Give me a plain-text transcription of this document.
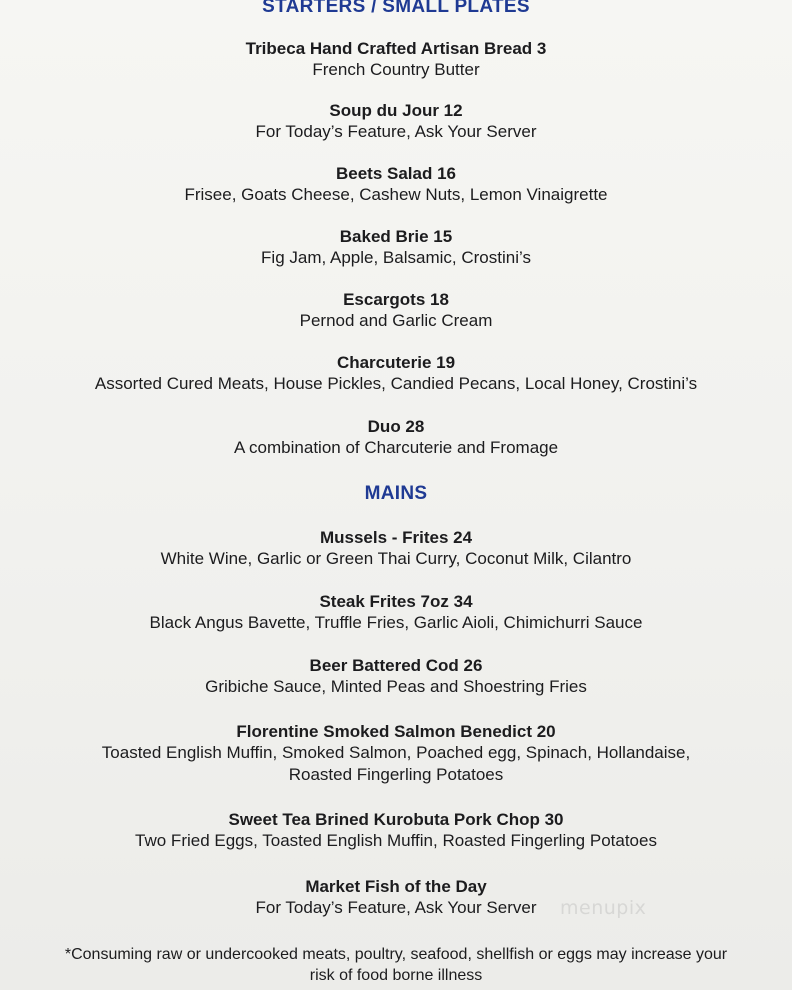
STARTERS / SMALL PLATES
Tribeca Hand Crafted Artisan Bread 3
French Country Butter
Soup du Jour 12
For Today’s Feature, Ask Your Server
Beets Salad 16
Frisee, Goats Cheese, Cashew Nuts, Lemon Vinaigrette
Baked Brie 15
Fig Jam, Apple, Balsamic, Crostini’s
Escargots 18
Pernod and Garlic Cream
Charcuterie 19
Assorted Cured Meats, House Pickles, Candied Pecans, Local Honey, Crostini’s
Duo 28
A combination of Charcuterie and Fromage
MAINS
Mussels - Frites 24
White Wine, Garlic or Green Thai Curry, Coconut Milk, Cilantro
Steak Frites 7oz 34
Black Angus Bavette, Truffle Fries, Garlic Aioli, Chimichurri Sauce
Beer Battered Cod 26
Gribiche Sauce, Minted Peas and Shoestring Fries
Florentine Smoked Salmon Benedict 20
Toasted English Muffin, Smoked Salmon, Poached egg, Spinach, Hollandaise,
Roasted Fingerling Potatoes
Sweet Tea Brined Kurobuta Pork Chop 30
Two Fried Eggs, Toasted English Muffin, Roasted Fingerling Potatoes
Market Fish of the Day
For Today’s Feature, Ask Your Server	menupix
*Consuming raw or undercooked meats, poultry, seafood, shellfish or eggs may increase your
risk of food borne illness
